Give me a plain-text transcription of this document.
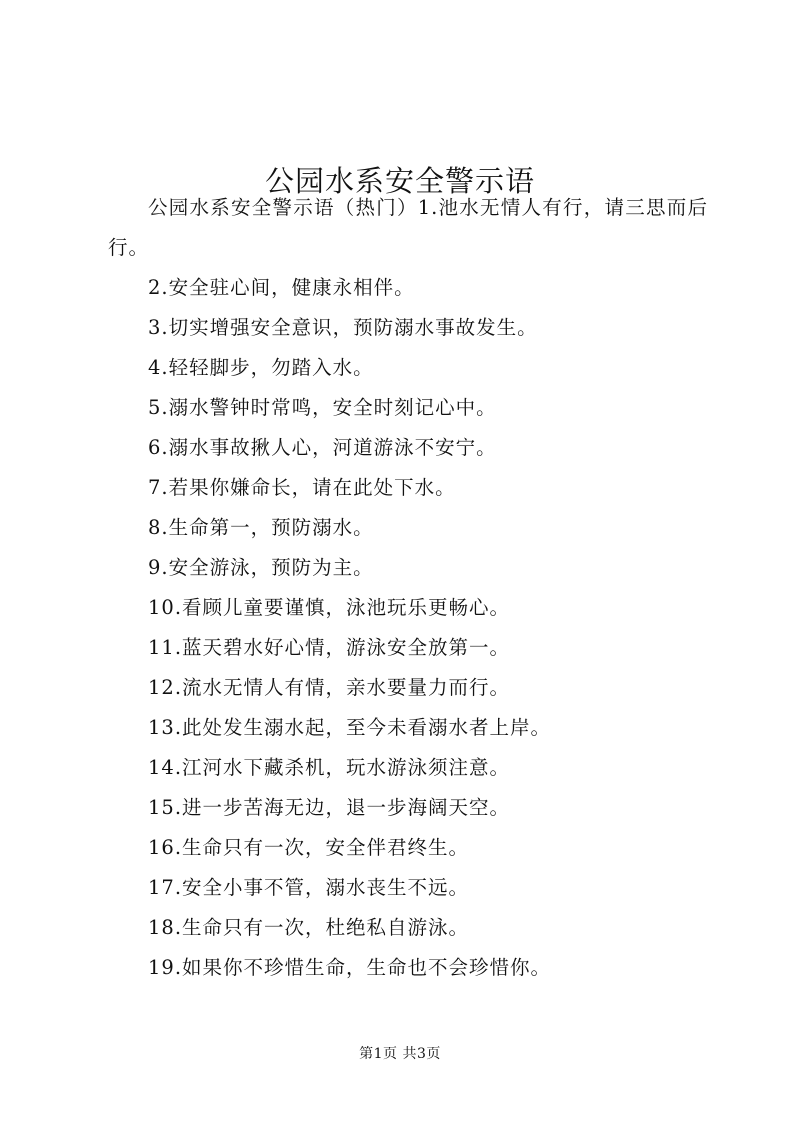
公园水系安全警示语

公园水系安全警示语（热门）1.池水无情人有行，请三思而后行。

2.安全驻心间，健康永相伴。

3.切实增强安全意识，预防溺水事故发生。

4.轻轻脚步，勿踏入水。

5.溺水警钟时常鸣，安全时刻记心中。

6.溺水事故揪人心，河道游泳不安宁。

7.若果你嫌命长，请在此处下水。

8.生命第一，预防溺水。

9.安全游泳，预防为主。

10.看顾儿童要谨慎，泳池玩乐更畅心。

11.蓝天碧水好心情，游泳安全放第一。

12.流水无情人有情，亲水要量力而行。

13.此处发生溺水起，至今未看溺水者上岸。

14.江河水下藏杀机，玩水游泳须注意。

15.进一步苦海无边，退一步海阔天空。

16.生命只有一次，安全伴君终生。

17.安全小事不管，溺水丧生不远。

18.生命只有一次，杜绝私自游泳。

19.如果你不珍惜生命，生命也不会珍惜你。

第1页 共3页
